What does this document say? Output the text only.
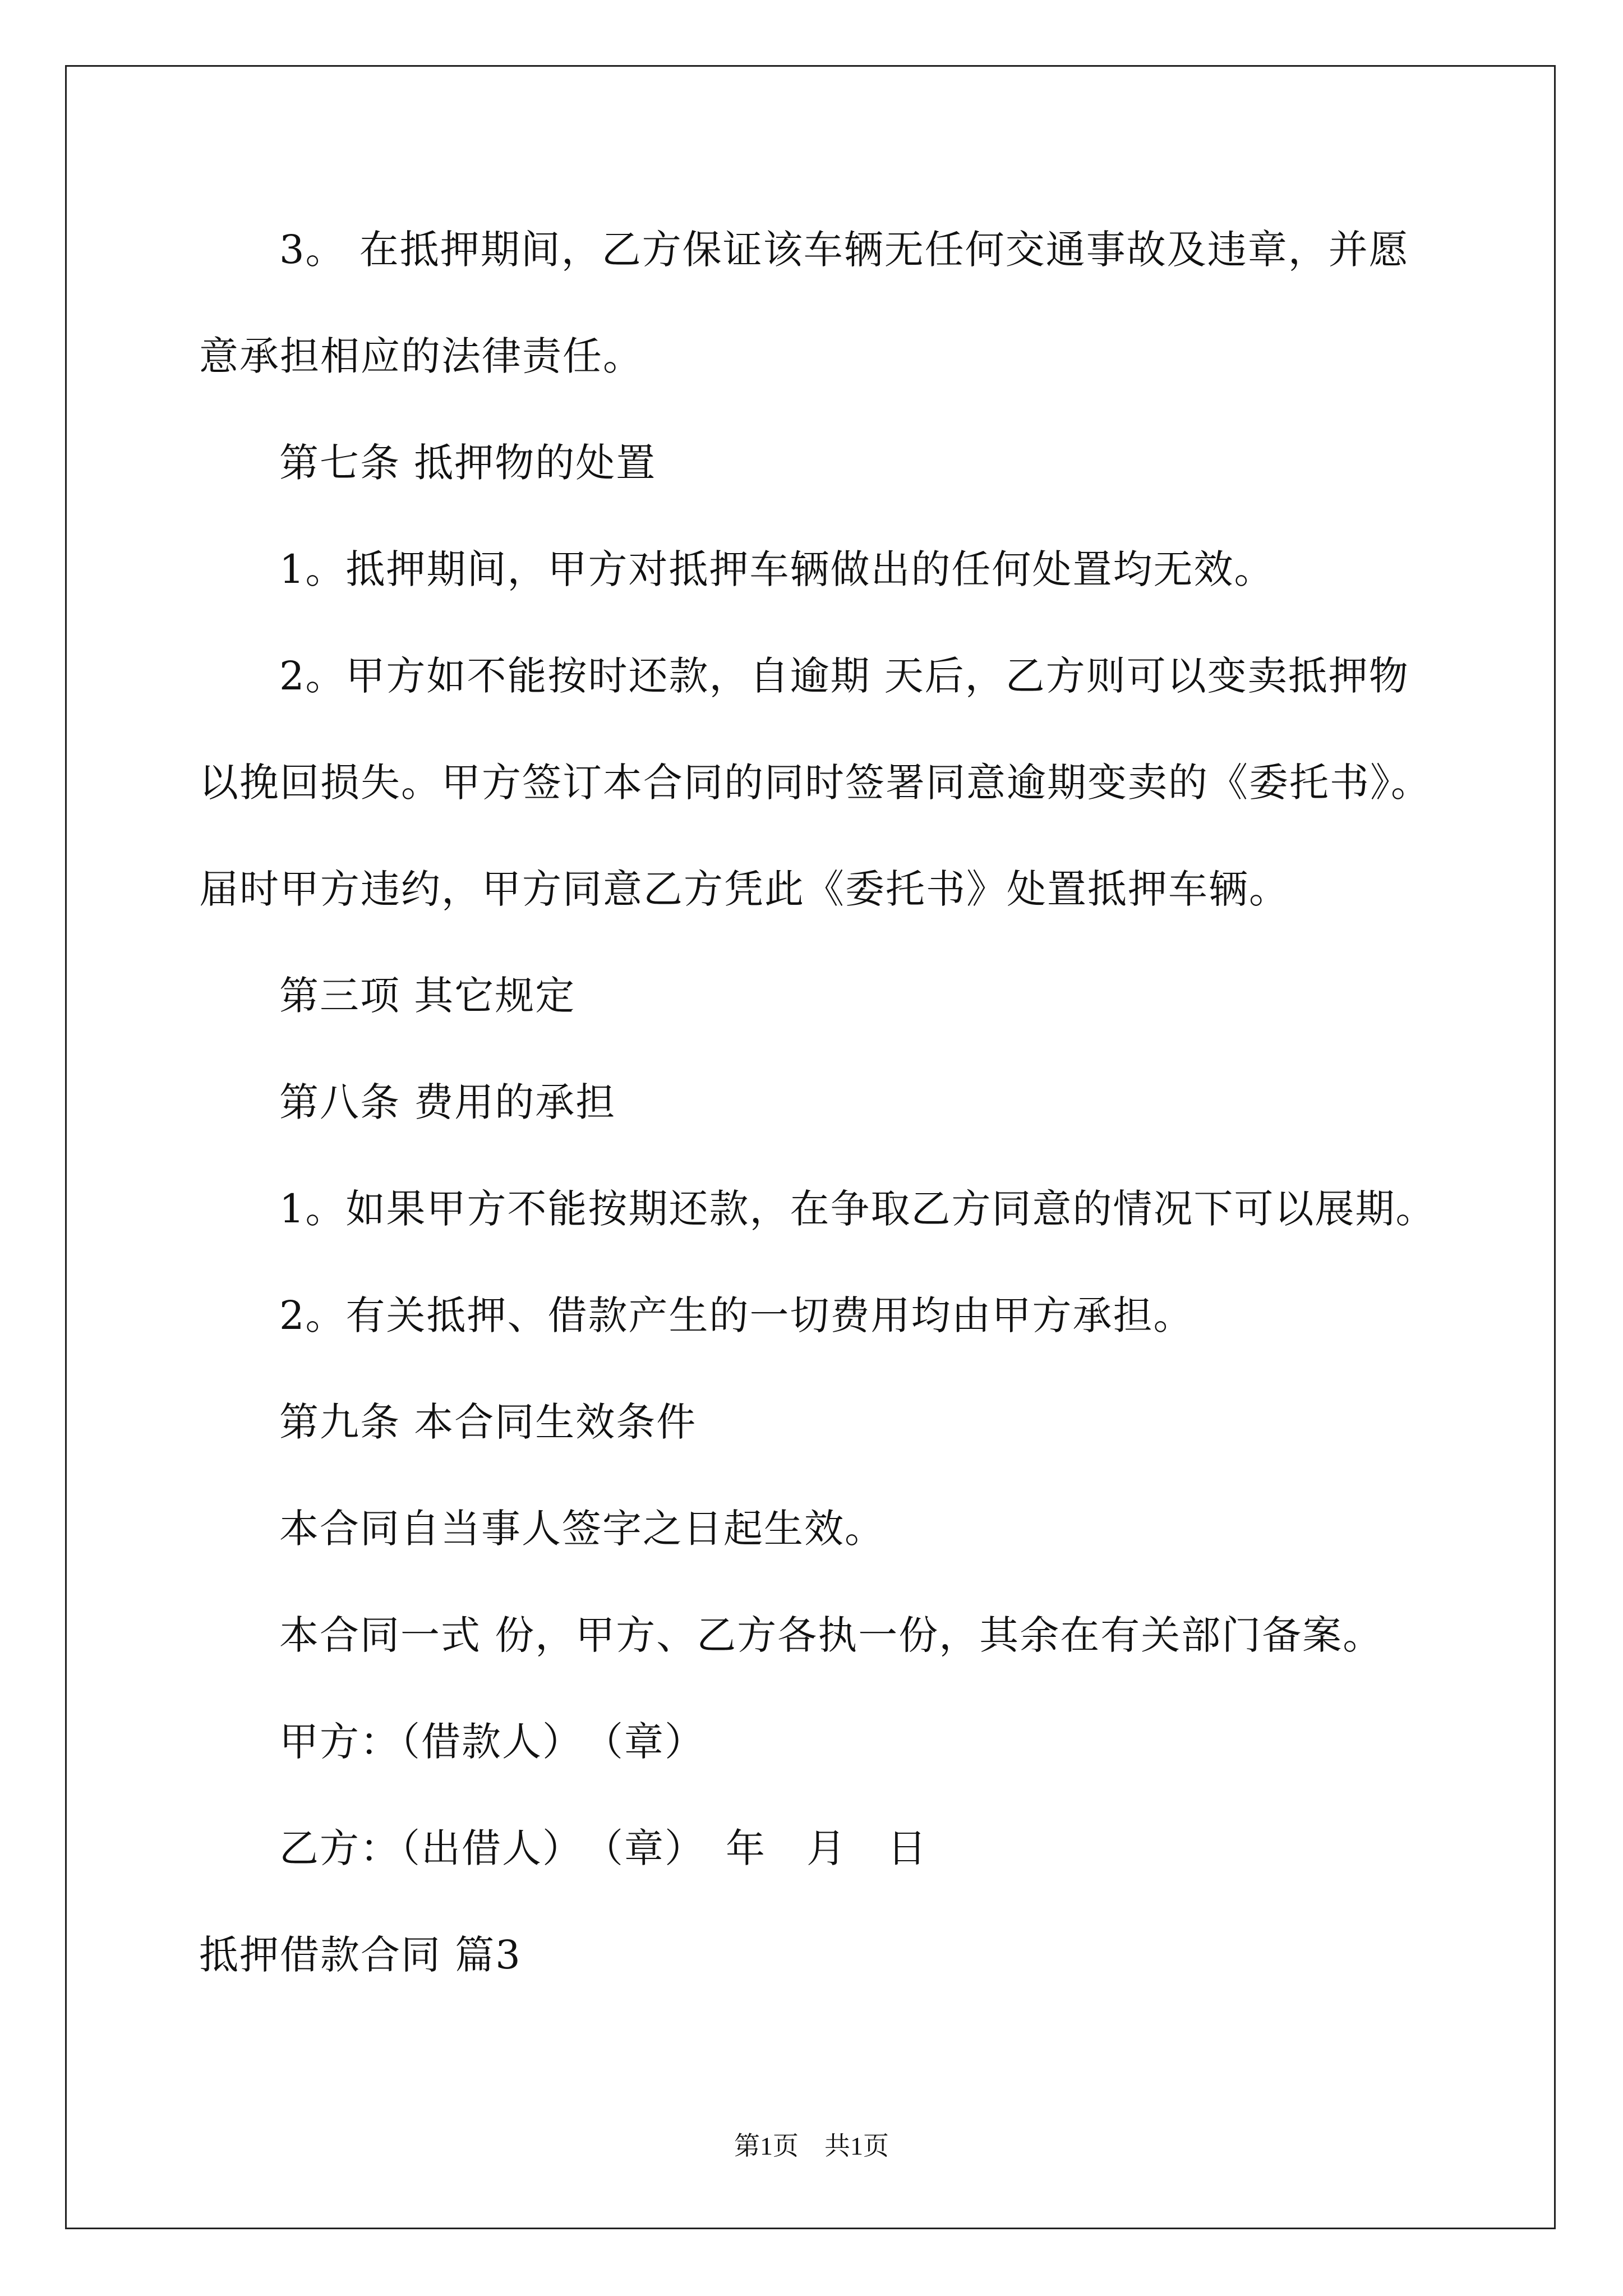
3。 在抵押期间，乙方保证该车辆无任何交通事故及违章，并愿

意承担相应的法律责任。

第七条 抵押物的处置

1。抵押期间，甲方对抵押车辆做出的任何处置均无效。

2。甲方如不能按时还款，自逾期 天后，乙方则可以变卖抵押物

以挽回损失。甲方签订本合同的同时签署同意逾期变卖的《委托书》。

届时甲方违约，甲方同意乙方凭此《委托书》处置抵押车辆。

第三项 其它规定

第八条 费用的承担

1。如果甲方不能按期还款，在争取乙方同意的情况下可以展期。

2。有关抵押、借款产生的一切费用均由甲方承担。

第九条 本合同生效条件

本合同自当事人签字之日起生效。

本合同一式 份，甲方、乙方各执一份，其余在有关部门备案。

甲方：（借款人）　（章）

乙方：（出借人）　（章）　年　月　日

抵押借款合同 篇3

第1页　共1页
